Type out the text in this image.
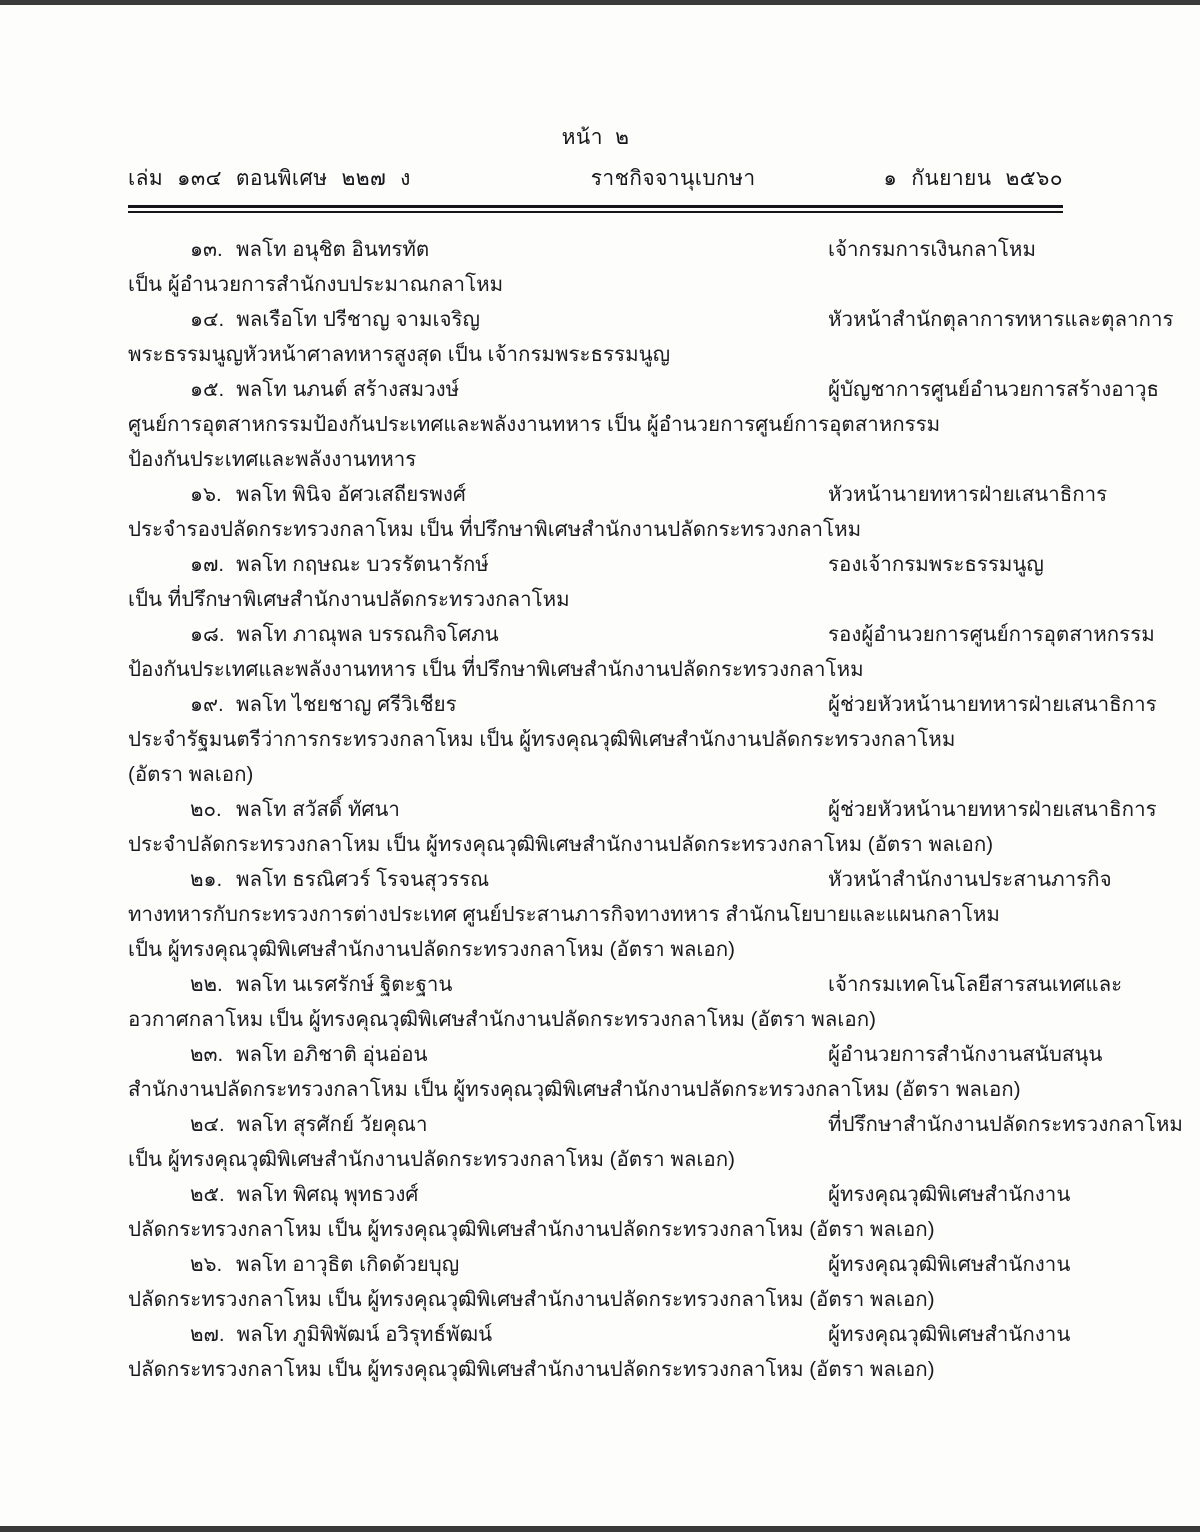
หน้า ๒
เล่ม ๑๓๔ ตอนพิเศษ ๒๒๗ ง	ราชกิจจานุเบกษา	๑ กันยายน ๒๕๖๐
๑๓. พลโท อนุชิต อินทรทัต	เจ้ากรมการเงินกลาโหม
เป็น ผู้อำนวยการสำนักงบประมาณกลาโหม
๑๔. พลเรือโท ปรีชาญ จามเจริญ	หัวหน้าสำนักตุลาการทหารและตุลาการ
พระธรรมนูญหัวหน้าศาลทหารสูงสุด เป็น เจ้ากรมพระธรรมนูญ
๑๕. พลโท นภนต์ สร้างสมวงษ์	ผู้บัญชาการศูนย์อำนวยการสร้างอาวุธ
ศูนย์การอุตสาหกรรมป้องกันประเทศและพลังงานทหาร เป็น ผู้อำนวยการศูนย์การอุตสาหกรรม
ป้องกันประเทศและพลังงานทหาร
๑๖. พลโท พินิจ อัศวเสถียรพงศ์	หัวหน้านายทหารฝ่ายเสนาธิการ
ประจำรองปลัดกระทรวงกลาโหม เป็น ที่ปรึกษาพิเศษสำนักงานปลัดกระทรวงกลาโหม
๑๗. พลโท กฤษณะ บวรรัตนารักษ์	รองเจ้ากรมพระธรรมนูญ
เป็น ที่ปรึกษาพิเศษสำนักงานปลัดกระทรวงกลาโหม
๑๘. พลโท ภาณุพล บรรณกิจโศภน	รองผู้อำนวยการศูนย์การอุตสาหกรรม
ป้องกันประเทศและพลังงานทหาร เป็น ที่ปรึกษาพิเศษสำนักงานปลัดกระทรวงกลาโหม
๑๙. พลโท ไชยชาญ ศรีวิเชียร	ผู้ช่วยหัวหน้านายทหารฝ่ายเสนาธิการ
ประจำรัฐมนตรีว่าการกระทรวงกลาโหม เป็น ผู้ทรงคุณวุฒิพิเศษสำนักงานปลัดกระทรวงกลาโหม
(อัตรา พลเอก)
๒๐. พลโท สวัสดิ์ ทัศนา	ผู้ช่วยหัวหน้านายทหารฝ่ายเสนาธิการ
ประจำปลัดกระทรวงกลาโหม เป็น ผู้ทรงคุณวุฒิพิเศษสำนักงานปลัดกระทรวงกลาโหม (อัตรา พลเอก)
๒๑. พลโท ธรณิศวร์ โรจนสุวรรณ	หัวหน้าสำนักงานประสานภารกิจ
ทางทหารกับกระทรวงการต่างประเทศ ศูนย์ประสานภารกิจทางทหาร สำนักนโยบายและแผนกลาโหม
เป็น ผู้ทรงคุณวุฒิพิเศษสำนักงานปลัดกระทรวงกลาโหม (อัตรา พลเอก)
๒๒. พลโท นเรศรักษ์ ฐิตะฐาน	เจ้ากรมเทคโนโลยีสารสนเทศและ
อวกาศกลาโหม เป็น ผู้ทรงคุณวุฒิพิเศษสำนักงานปลัดกระทรวงกลาโหม (อัตรา พลเอก)
๒๓. พลโท อภิชาติ อุ่นอ่อน	ผู้อำนวยการสำนักงานสนับสนุน
สำนักงานปลัดกระทรวงกลาโหม เป็น ผู้ทรงคุณวุฒิพิเศษสำนักงานปลัดกระทรวงกลาโหม (อัตรา พลเอก)
๒๔. พลโท สุรศักย์ วัยคุณา	ที่ปรึกษาสำนักงานปลัดกระทรวงกลาโหม
เป็น ผู้ทรงคุณวุฒิพิเศษสำนักงานปลัดกระทรวงกลาโหม (อัตรา พลเอก)
๒๕. พลโท พิศณุ พุทธวงศ์	ผู้ทรงคุณวุฒิพิเศษสำนักงาน
ปลัดกระทรวงกลาโหม เป็น ผู้ทรงคุณวุฒิพิเศษสำนักงานปลัดกระทรวงกลาโหม (อัตรา พลเอก)
๒๖. พลโท อาวุธิต เกิดด้วยบุญ	ผู้ทรงคุณวุฒิพิเศษสำนักงาน
ปลัดกระทรวงกลาโหม เป็น ผู้ทรงคุณวุฒิพิเศษสำนักงานปลัดกระทรวงกลาโหม (อัตรา พลเอก)
๒๗. พลโท ภูมิพิพัฒน์ อวิรุทธ์พัฒน์	ผู้ทรงคุณวุฒิพิเศษสำนักงาน
ปลัดกระทรวงกลาโหม เป็น ผู้ทรงคุณวุฒิพิเศษสำนักงานปลัดกระทรวงกลาโหม (อัตรา พลเอก)
